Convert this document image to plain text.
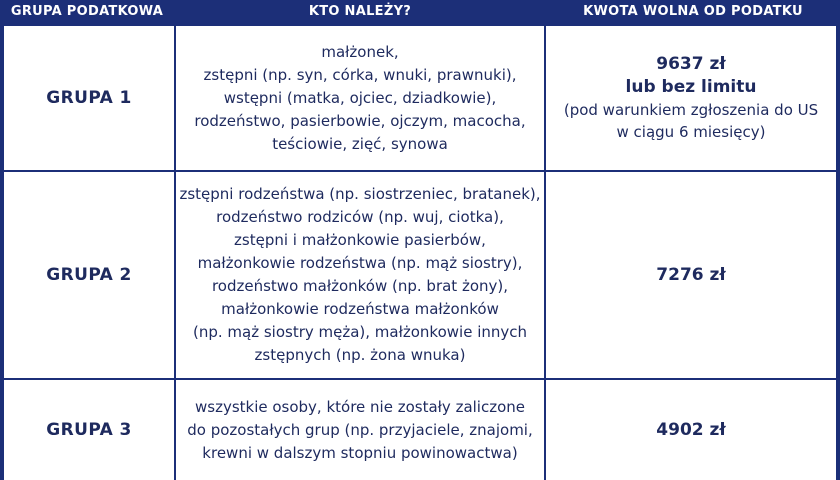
GRUPA PODATKOWA	KTO NALEŻY?	KWOTA WOLNA OD PODATKU
GRUPA 1
małżonek,
zstępni (np. syn, córka, wnuki, prawnuki),
wstępni (matka, ojciec, dziadkowie),
rodzeństwo, pasierbowie, ojczym, macocha,
teściowie, zięć, synowa
9637 zł
lub bez limitu
(pod warunkiem zgłoszenia do US
w ciągu 6 miesięcy)
GRUPA 2
zstępni rodzeństwa (np. siostrzeniec, bratanek),
rodzeństwo rodziców (np. wuj, ciotka),
zstępni i małżonkowie pasierbów,
małżonkowie rodzeństwa (np. mąż siostry),
rodzeństwo małżonków (np. brat żony),
małżonkowie rodzeństwa małżonków
(np. mąż siostry męża), małżonkowie innych
zstępnych (np. żona wnuka)
7276 zł
GRUPA 3
wszystkie osoby, które nie zostały zaliczone
do pozostałych grup (np. przyjaciele, znajomi,
krewni w dalszym stopniu powinowactwa)
4902 zł
